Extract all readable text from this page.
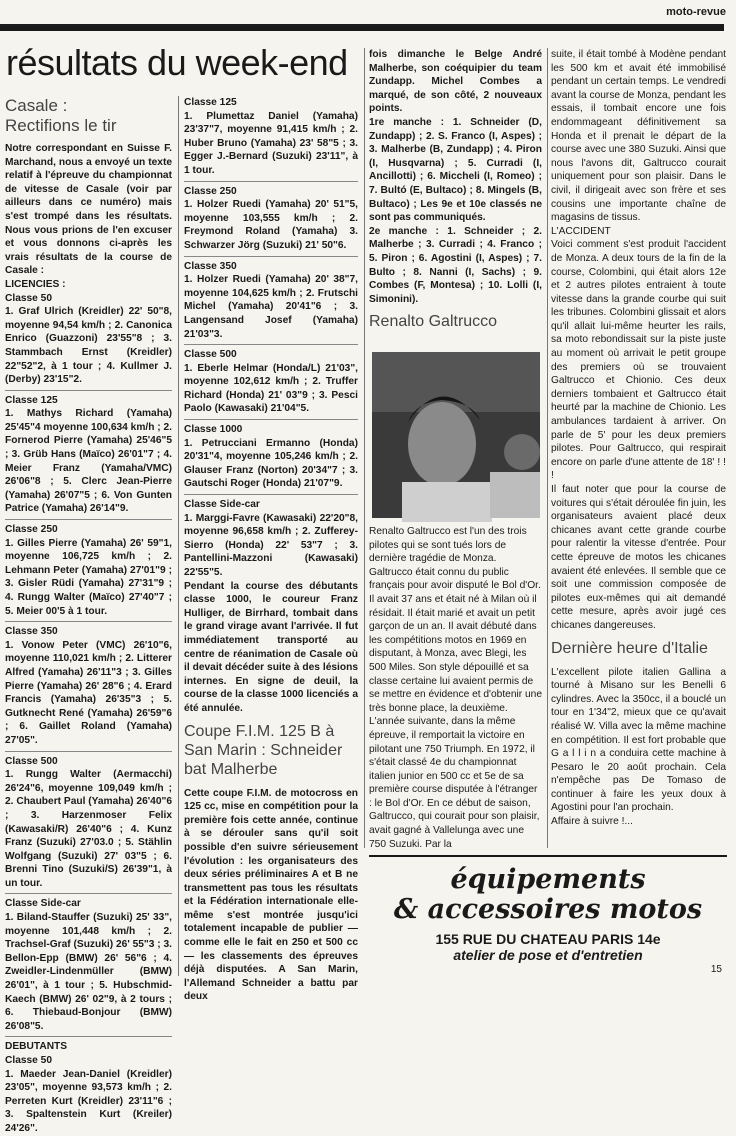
moto-revue
résultats du week-end
Casale :
Rectifions le tir

Notre correspondant en Suisse F. Marchand, nous a envoyé un texte relatif à l'épreuve du championnat de vitesse de Casale (voir par ailleurs dans ce numéro) mais s'est trompé dans les résultats. Nous vous prions de l'en excuser et vous donnons ci-après les vrais résultats de la course de Casale :

LICENCIES :

Classe 50

1. Graf Ulrich (Kreidler) 22' 50"8, moyenne 94,54 km/h ; 2. Canonica Enrico (Guazzoni) 23'55"8 ; 3. Stammbach Ernst (Kreidler) 22"52"2, à 1 tour ; 4. Kullmer J. (Derby) 23'15"2.

Classe 125

1. Mathys Richard (Yamaha) 25'45"4 moyenne 100,634 km/h ; 2. Fornerod Pierre (Yamaha) 25'46"5 ; 3. Grüb Hans (Maïco) 26'01"7 ; 4. Meier Franz (Yamaha/VMC) 26'06"8 ; 5. Clerc Jean-Pierre (Yamaha) 26'07"5 ; 6. Von Gunten Patrice (Yamaha) 26'14"9.

Classe 250

1. Gilles Pierre (Yamaha) 26' 59"1, moyenne 106,725 km/h ; 2. Lehmann Peter (Yamaha) 27'01"9 ; 3. Gisler Rüdi (Yamaha) 27'31"9 ; 4. Rungg Walter (Maïco) 27'40"7 ; 5. Meier 00'5 à 1 tour.

Classe 350

1. Vonow Peter (VMC) 26'10"6, moyenne 110,021 km/h ; 2. Litterer Alfred (Yamaha) 26'11"3 ; 3. Gilles Pierre (Yamaha) 26' 28"6 ; 4. Erard Francis (Yamaha) 26'35"3 ; 5. Gutknecht René (Yamaha) 26'59"6 ; 6. Gaillet Roland (Yamaha) 27'05".

Classe 500

1. Rungg Walter (Aermacchi) 26'24"6, moyenne 109,049 km/h ; 2. Chaubert Paul (Yamaha) 26'40"6 ; 3. Harzenmoser Felix (Kawasaki/R) 26'40"6 ; 4. Kunz Franz (Suzuki) 27'03.0 ; 5. Stählin Wolfgang (Suzuki) 27' 03"5 ; 6. Brenni Tino (Suzuki/S) 26'39"1, à un tour.

Classe Side-car

1. Biland-Stauffer (Suzuki) 25' 33", moyenne 101,448 km/h ; 2. Trachsel-Graf (Suzuki) 26' 55"3 ; 3. Bellon-Epp (BMW) 26' 56"6 ; 4. Zweidler-Lindenmüller (BMW) 26'01", à 1 tour ; 5. Hubschmid-Kaech (BMW) 26' 02"9, à 2 tours ; 6. Thiebaud-Bonjour (BMW) 26'08"5.

DEBUTANTS

Classe 50

1. Maeder Jean-Daniel (Kreidler) 23'05", moyenne 93,573 km/h ; 2. Perreten Kurt (Kreidler) 23'11"6 ; 3. Spaltenstein Kurt (Kreiler) 24'26".

Classe 125

1. Plumettaz Daniel (Yamaha) 23'37"7, moyenne 91,415 km/h ; 2. Huber Bruno (Yamaha) 23' 58"5 ; 3. Egger J.-Bernard (Suzuki) 23'11", à 1 tour.

Classe 250

1. Holzer Ruedi (Yamaha) 20' 51"5, moyenne 103,555 km/h ; 2. Freymond Roland (Yamaha) 3. Schwarzer Jörg (Suzuki) 21' 50"6.

Classe 350

1. Holzer Ruedi (Yamaha) 20' 38"7, moyenne 104,625 km/h ; 2. Frutschi Michel (Yamaha) 20'41"6 ; 3. Langensand Josef (Yamaha) 21'03"3.

Classe 500

1. Eberle Helmar (Honda/L) 21'03", moyenne 102,612 km/h ; 2. Truffer Richard (Honda) 21' 03"9 ; 3. Pesci Paolo (Kawasaki) 21'04"5.

Classe 1000

1. Petrucciani Ermanno (Honda) 20'31"4, moyenne 105,246 km/h ; 2. Glauser Franz (Norton) 20'34"7 ; 3. Gautschi Roger (Honda) 21'07"9.

Classe Side-car

1. Marggi-Favre (Kawasaki) 22'20"8, moyenne 96,658 km/h ; 2. Zufferey-Sierro (Honda) 22' 53"7 ; 3. Pantellini-Mazzoni (Kawasaki) 22'55"5.

Pendant la course des débutants classe 1000, le coureur Franz Hulliger, de Birrhard, tombait dans le grand virage avant l'arrivée. Il fut immédiatement transporté au centre de réanimation de Casale où il devait décéder suite à des lésions internes. En signe de deuil, la course de la classe 1000 licenciés a été annulée.

Coupe F.I.M. 125 B à San Marin : Schneider bat Malherbe

Cette coupe F.I.M. de motocross en 125 cc, mise en compétition pour la première fois cette année, continue à se dérouler sans qu'il soit possible d'en suivre sérieusement l'évolution : les organisateurs des deux séries préliminaires A et B ne transmettent pas tous les résultats et la Fédération internationale elle-même s'est montrée jusqu'ici totalement incapable de publier — comme elle le fait en 250 et 500 cc — les classements des épreuves déjà disputées. A San Marin, l'Allemand Schneider a battu par deux

fois dimanche le Belge André Malherbe, son coéquipier du team Zundapp. Michel Combes a marqué, de son côté, 2 nouveaux points.

1re manche : 1. Schneider (D, Zundapp) ; 2. S. Franco (I, Aspes) ; 3. Malherbe (B, Zundapp) ; 4. Piron (I, Husqvarna) ; 5. Curradi (I, Ancillotti) ; 6. Miccheli (I, Romeo) ; 7. Bultó (E, Bultaco) ; 8. Mingels (B, Bultaco) ; Les 9e et 10e classés ne sont pas communiqués.

2e manche : 1. Schneider ; 2. Malherbe ; 3. Curradi ; 4. Franco ; 5. Piron ; 6. Agostini (I, Aspes) ; 7. Bulto ; 8. Nanni (I, Sachs) ; 9. Combes (F, Montesa) ; 10. Lolli (I, Simonini).

Renalto Galtrucco
Renalto Galtrucco est l'un des trois pilotes qui se sont tués lors de dernière tragédie de Monza. Galtrucco était connu du public français pour avoir disputé le Bol d'Or. Il avait 37 ans et était né à Milan où il résidait. Il était marié et avait un petit garçon de un an. Il avait débuté dans les compétitions motos en 1969 en disputant, à Monza, avec Blegi, les 500 Miles. Son style dépouillé et sa classe certaine lui avaient permis de se mettre en évidence et d'obtenir une très bonne place, la deuxième. L'année suivante, dans la même épreuve, il remportait la victoire en pilotant une 750 Triumph. En 1972, il s'était classé 4e du championnat italien junior en 500 cc et 5e de sa première course disputée à l'étranger : le Bol d'Or. En ce début de saison, Galtrucco, qui courait pour son plaisir, avait gagné à Vallelunga avec une 750 Suzuki. Par la

suite, il était tombé à Modène pendant les 500 km et avait été immobilisé pendant un certain temps. Le vendredi avant la course de Monza, pendant les essais, il tombait encore une fois endommageant définitivement sa Honda et il prenait le départ de la course avec une 380 Suzuki. Ainsi que nous l'avons dit, Galtrucco courait uniquement pour son plaisir. Dans le civil, il dirigeait avec son frère et ses cousins une importante chaîne de magasins de tissus.

L'ACCIDENT

Voici comment s'est produit l'accident de Monza. A deux tours de la fin de la course, Colombini, qui était alors 12e et 2 autres pilotes entraient à toute vitesse dans la grande courbe qui suit les tribunes. Colombini glissait et alors qu'il allait lui-même heurter les rails, sa moto rebondissait sur la piste juste au moment où arrivait le petit groupe des premiers où se trouvaient Galtrucco et Chionio. Ces deux derniers tombaient et Galtrucco était heurté par la machine de Chionio. Les ambulances tardaient à arriver. On parle de 5' pour les deux premiers pilotes. Pour Galtrucco, qui respirait encore on parle d'une attente de 18' ! ! !

Il faut noter que pour la course de voitures qui s'était déroulée fin juin, les organisateurs avaient placé deux chicanes avant cette grande courbe pour ralentir la vitesse d'entrée. Pour cette épreuve de motos les chicanes avaient été enlevées. Il semble que ce soit une commission composée de pilotes eux-mêmes qui ait demandé cette mesure, après avoir jugé ces chicanes dangereuses.

Dernière heure d'Italie

L'excellent pilote italien Gallina a tourné à Misano sur les Benelli 6 cylindres. Avec la 350cc, il a bouclé un tour en 1'34"2, mieux que ce qu'avait réalisé W. Villa avec la même machine en compétition. Il est fort probable que G a l l i n a conduira cette machine à Pesaro le 20 août prochain. Cela n'empêche pas De Tomaso de continuer à faire les yeux doux à Agostini pour l'an prochain.

Affaire à suivre !...

équipements
& accessoires motos
155 RUE DU CHATEAU PARIS 14e
atelier de pose et d'entretien
15
